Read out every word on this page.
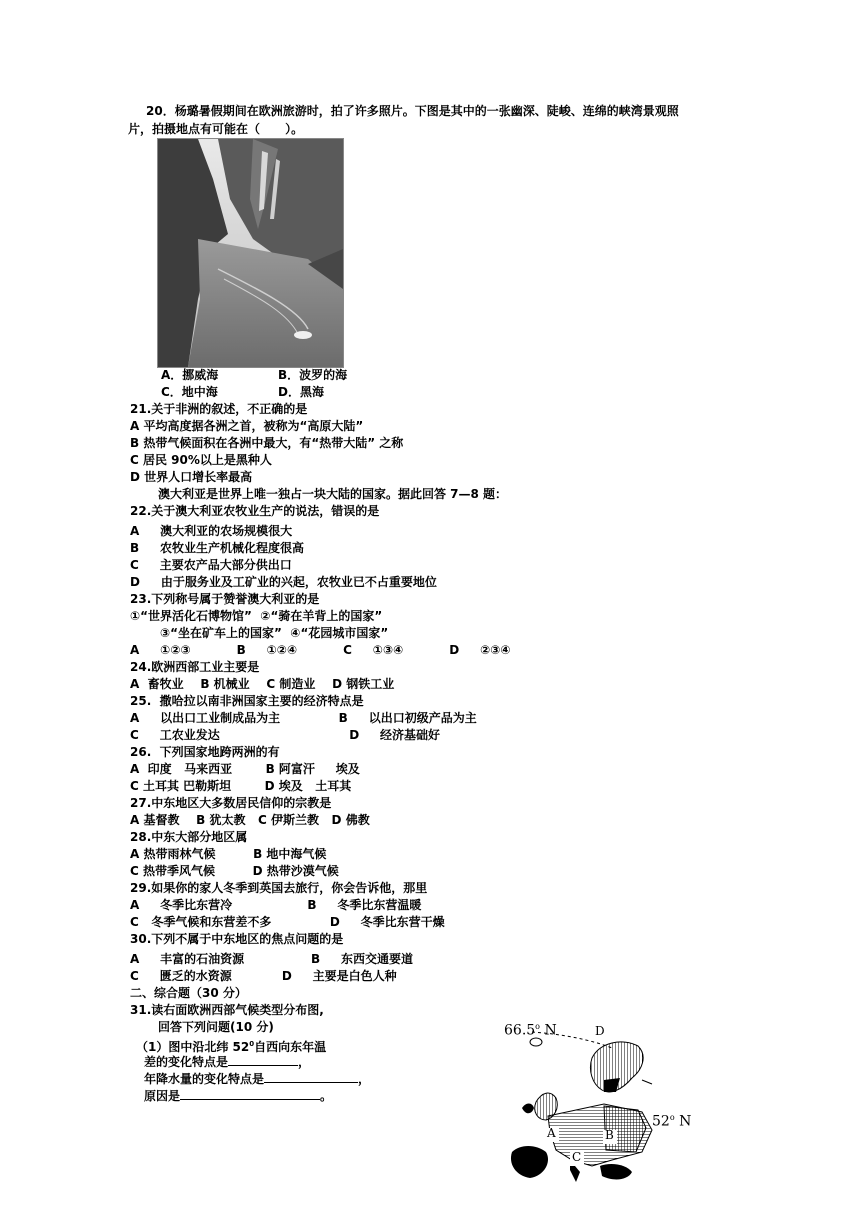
20．杨璐暑假期间在欧洲旅游时，拍了许多照片。下图是其中的一张幽深、陡峻、连绵的峡湾景观照
片，拍摄地点有可能在（      ）。
A．挪威海	B．波罗的海
C．地中海	D．黑海
21.关于非洲的叙述，不正确的是
A 平均高度据各洲之首，被称为“高原大陆”
B 热带气候面积在各洲中最大，有“热带大陆” 之称
C 居民 90%以上是黑种人
D 世界人口增长率最高
澳大利亚是世界上唯一独占一块大陆的国家。据此回答 7—8 题：
22.关于澳大利亚农牧业生产的说法，错误的是
A     澳大利亚的农场规模很大
B     农牧业生产机械化程度很高
C     主要农产品大部分供出口
D     由于服务业及工矿业的兴起，农牧业已不占重要地位
23.下列称号属于赞誉澳大利亚的是
①“世界活化石博物馆”  ②“骑在羊背上的国家”
③“坐在矿车上的国家”  ④“花园城市国家”
A     ①②③           B     ①②④           C     ①③④           D     ②③④
24.欧洲西部工业主要是
A  畜牧业    B 机械业    C 制造业    D 钢铁工业
25.  撒哈拉以南非洲国家主要的经济特点是
A     以出口工业制成品为主              B     以出口初级产品为主
C     工农业发达                               D     经济基础好
26.  下列国家地跨两洲的有
A  印度   马来西亚        B 阿富汗     埃及
C 土耳其 巴勒斯坦        D 埃及   土耳其
27.中东地区大多数居民信仰的宗教是
A 基督教    B 犹太教   C 伊斯兰教   D 佛教
28.中东大部分地区属
A 热带雨林气候         B 地中海气候
C 热带季风气候         D 热带沙漠气候
29.如果你的家人冬季到英国去旅行，你会告诉他，那里
A     冬季比东营冷                  B     冬季比东营温暖
C   冬季气候和东营差不多              D     冬季比东营干燥
30.下列不属于中东地区的焦点问题的是
A     丰富的石油资源                B     东西交通要道
C     匮乏的水资源            D     主要是白色人种
二、综合题（30 分）
31.读右面欧洲西部气候类型分布图,
回答下列问题(10 分)
（1）图中沿北纬 $52^0$自西向东年温
差的变化特点是	，
年降水量的变化特点是	，
原因是	。
66.5$^o$ N
52$^o$ N
A	B
C
D
